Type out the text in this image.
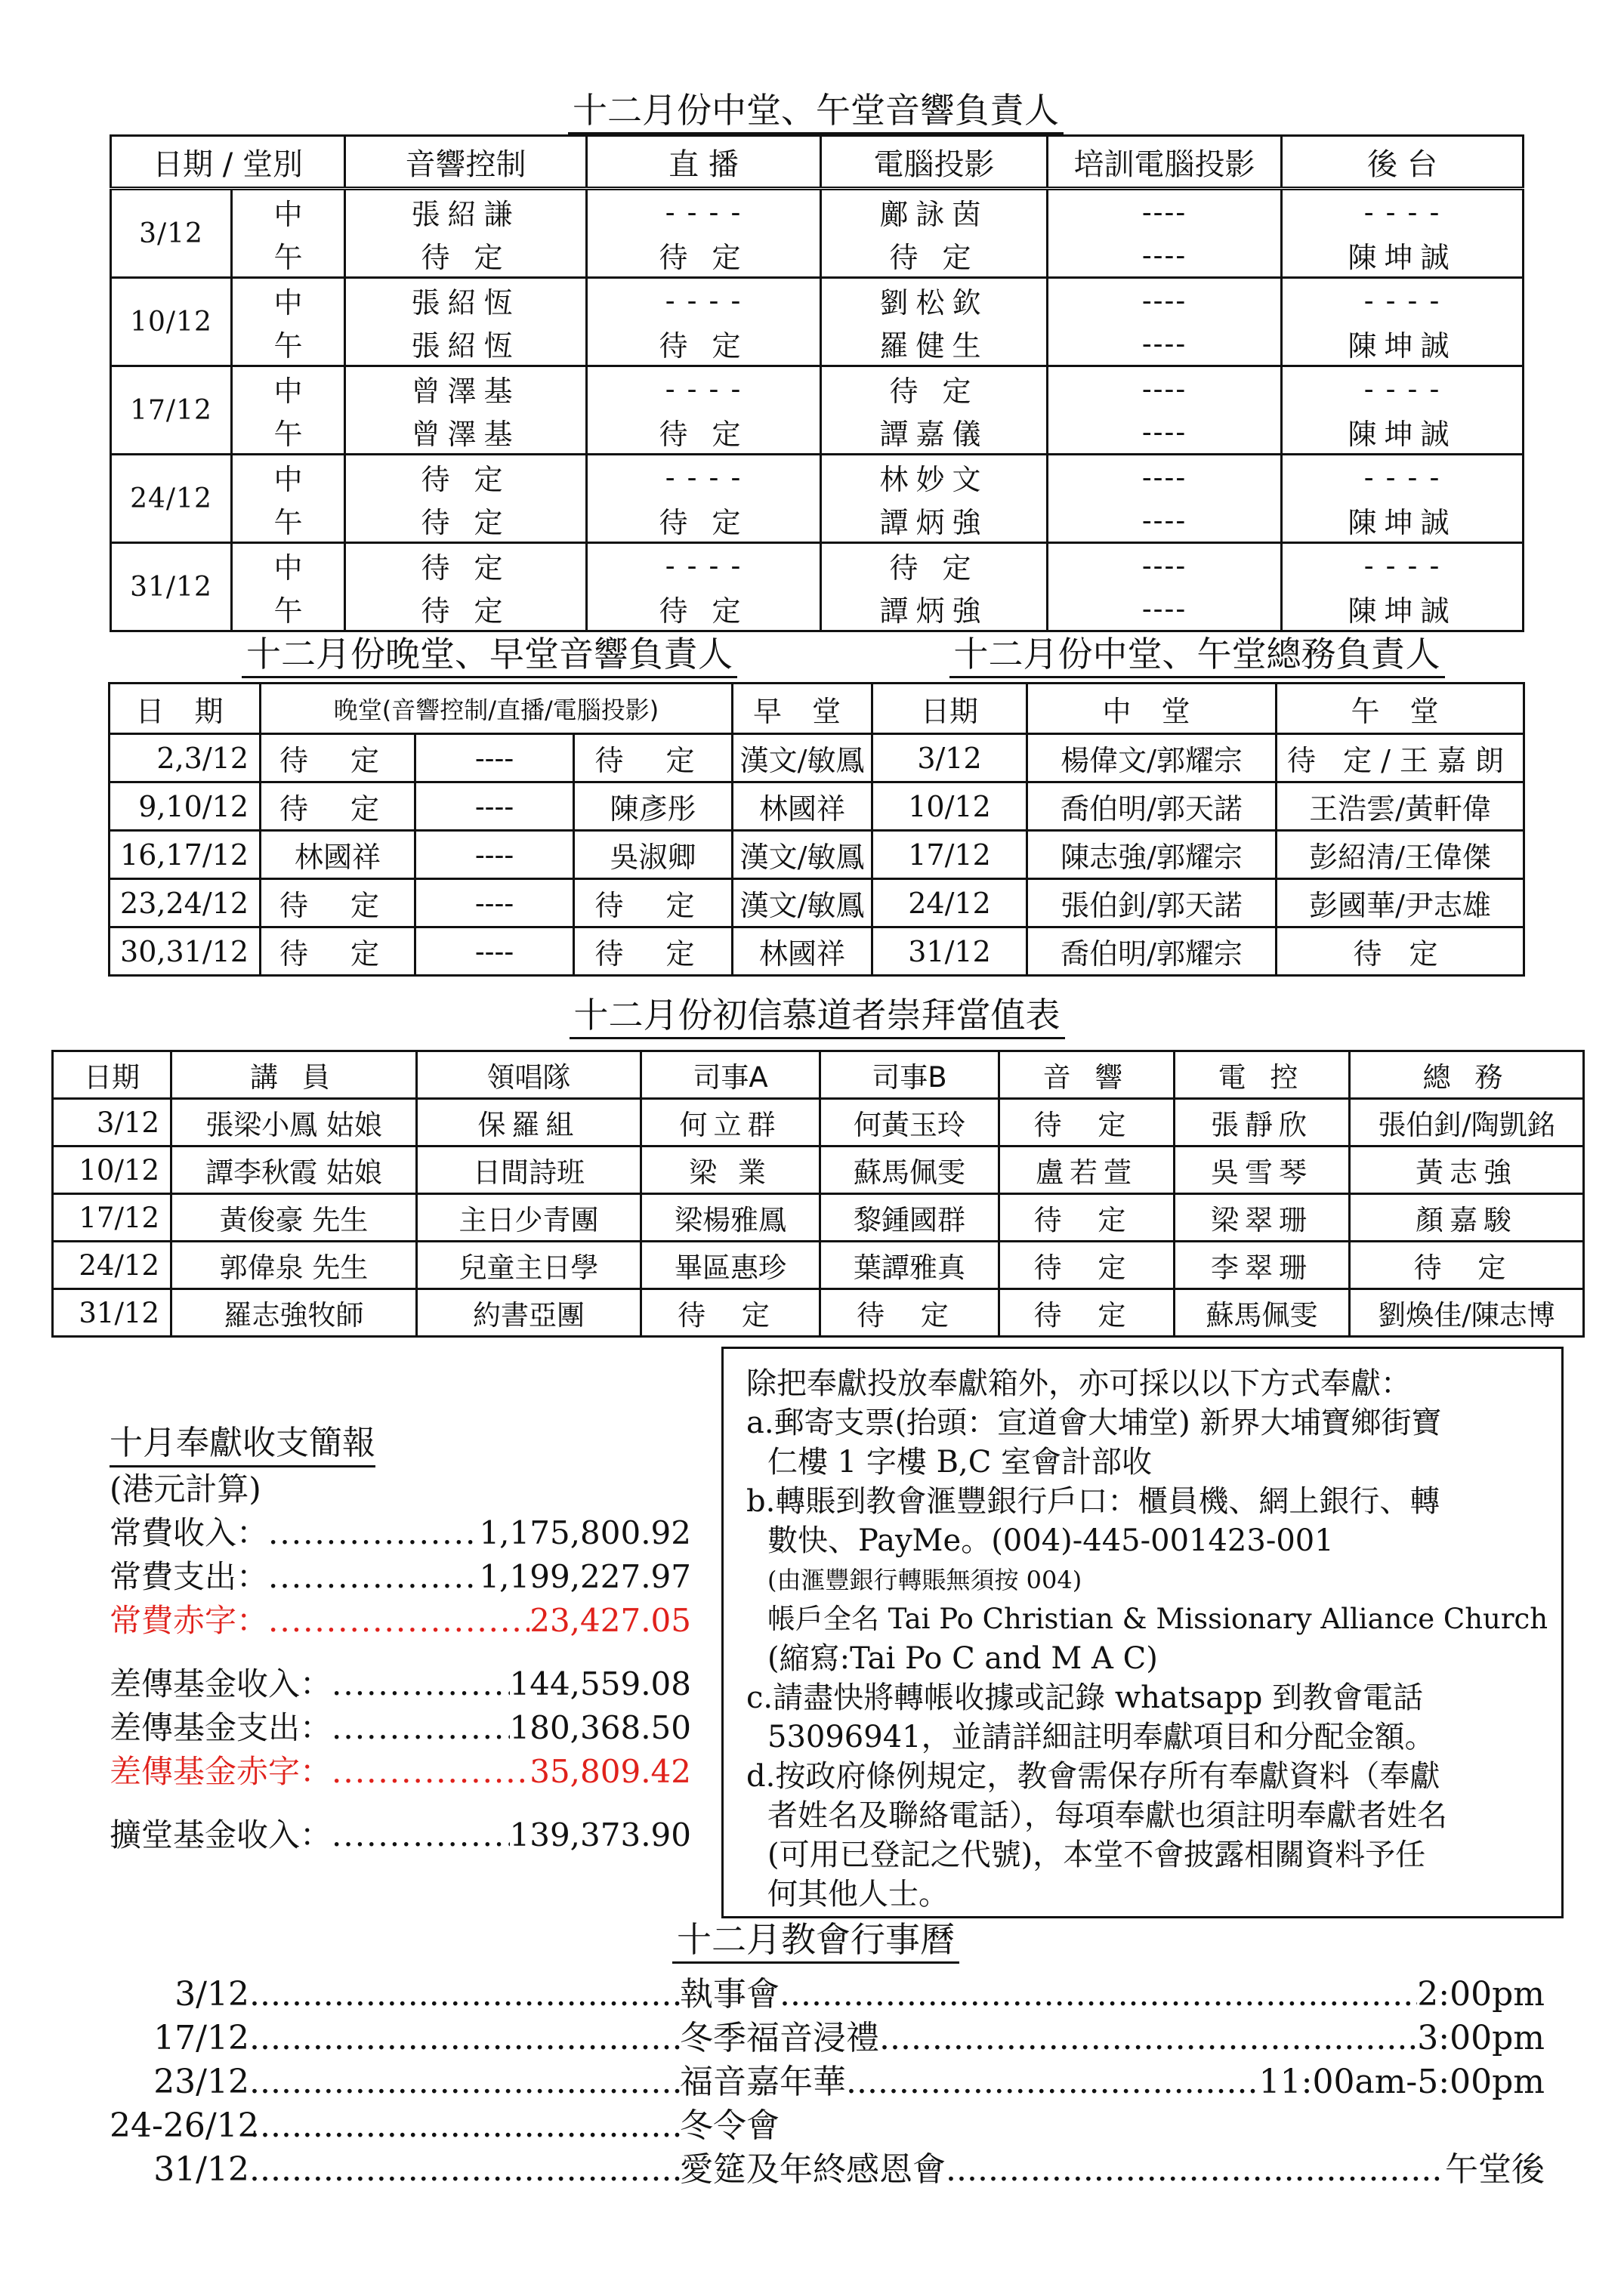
十二月份中堂、午堂音響負責人
十二月份晚堂、早堂音響負責人	十二月份中堂、午堂總務負責人
十二月份初信慕道者崇拜當值表
十二月教會行事曆
日期 / 堂別		音響控制	直 播	電腦投影	培訓電腦投影	後 台
3/12	中	張紹謙	- - - -	鄺詠茵	----	- - - -
	午	待 定	待 定	待 定	----	陳坤誠
10/12	中	張紹恆	- - - -	劉松欽	----	- - - -
	午	張紹恆	待 定	羅健生	----	陳坤誠
17/12	中	曾澤基	- - - -	待 定	----	- - - -
	午	曾澤基	待 定	譚嘉儀	----	陳坤誠
24/12	中	待 定	- - - -	林妙文	----	- - - -
	午	待 定	待 定	譚炳強	----	陳坤誠
31/12	中	待 定	- - - -	待 定	----	- - - -
	午	待 定	待 定	譚炳強	----	陳坤誠
日 期	晚堂(音響控制/直播/電腦投影)			早 堂
2,3/12	待 定	----	待 定	漢文/敏鳳
9,10/12	待 定	----	陳彥彤	林國祥
16,17/12	林國祥	----	吳淑卿	漢文/敏鳳
23,24/12	待 定	----	待 定	漢文/敏鳳
30,31/12	待 定	----	待 定	林國祥
日期	中 堂	午 堂
3/12	楊偉文/郭耀宗	待 定/王嘉朗
10/12	喬伯明/郭天諾	王浩雲/黃軒偉
17/12	陳志強/郭耀宗	彭紹清/王偉傑
24/12	張伯釗/郭天諾	彭國華/尹志雄
31/12	喬伯明/郭耀宗	待 定
日期	講 員	領唱隊	司事A	司事B	音 響	電 控	總 務
3/12	張梁小鳳 姑娘	保羅組	何立群	何黃玉玲	待 定	張靜欣	張伯釗/陶凱銘
10/12	譚李秋霞 姑娘	日間詩班	梁 業	蘇馬佩雯	盧若萱	吳雪琴	黃志強
17/12	黃俊豪 先生	主日少青團	梁楊雅鳳	黎鍾國群	待 定	梁翠珊	顏嘉駿
24/12	郭偉泉 先生	兒童主日學	畢區惠珍	葉譚雅真	待 定	李翠珊	待 定
31/12	羅志強牧師	約書亞團	待 定	待 定	待 定	蘇馬佩雯	劉煥佳/陳志博
十月奉獻收支簡報
(港元計算)
常費收入： .....	1,175,800.92
常費支出： .....	1,199,227.97
常費赤字： .....	23,427.05
差傳基金收入： .....	144,559.08
差傳基金支出： .....	180,368.50
差傳基金赤字： .....	35,809.42
擴堂基金收入： .....	139,373.90
除把奉獻投放奉獻箱外，亦可採以以下方式奉獻：
a.郵寄支票(抬頭：宣道會大埔堂) 新界大埔寶鄉街寶
仁樓 1 字樓 B,C 室會計部收
b.轉賬到教會滙豐銀行戶口：櫃員機、網上銀行、轉
數快、PayMe。(004)-445-001423-001
(由滙豐銀行轉賬無須按 004)
帳戶全名 Tai Po Christian & Missionary Alliance Church
(縮寫:Tai Po C and M A C)
c.請盡快將轉帳收據或記錄 whatsapp 到教會電話
53096941，並請詳細註明奉獻項目和分配金額。
d.按政府條例規定，教會需保存所有奉獻資料（奉獻
者姓名及聯絡電話），每項奉獻也須註明奉獻者姓名
(可用已登記之代號)，本堂不會披露相關資料予任
何其他人士。
3/12 .....	執事會 .....	2:00pm
17/12 .....	冬季福音浸禮 .....	3:00pm
23/12 .....	福音嘉年華 .....	11:00am-5:00pm
24-26/12 .....	冬令會
31/12 .....	愛筵及年終感恩會 .....	午堂後
